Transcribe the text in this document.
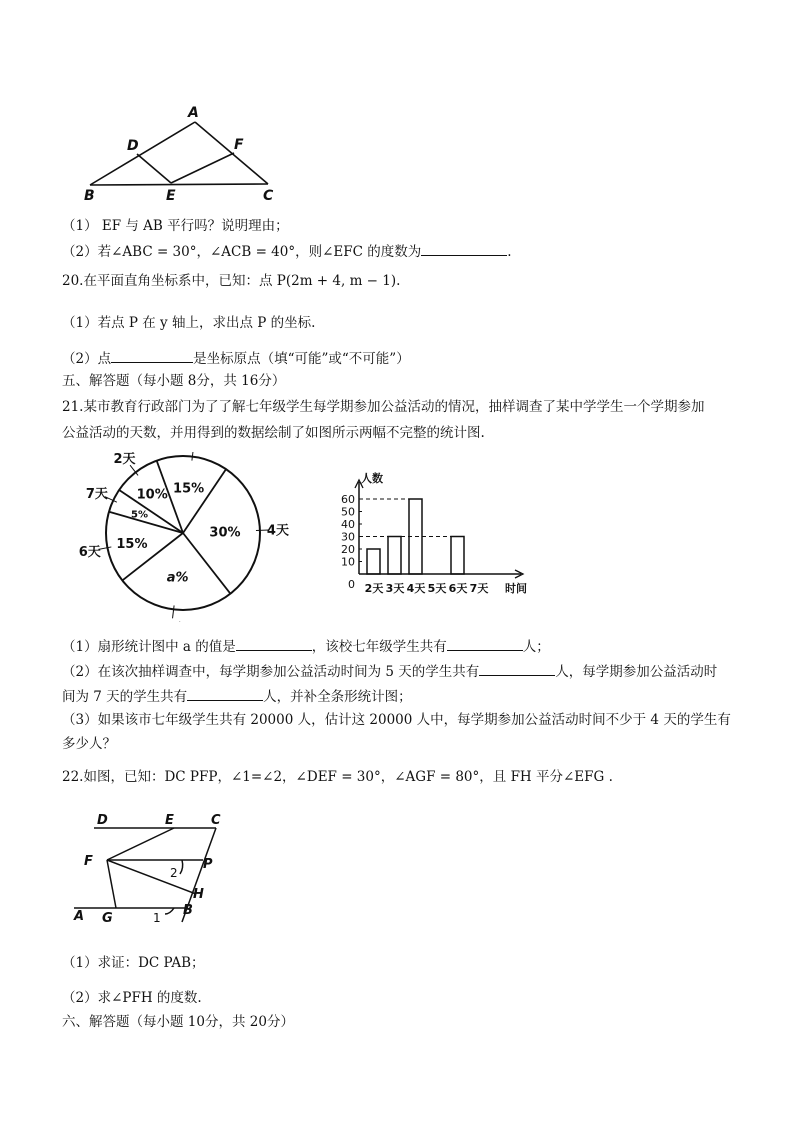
A
D	F
B	E	C
（1） EF 与 AB 平行吗？说明理由；
（2）若∠ABC = 30°，∠ACB = 40°，则∠EFC 的度数为	.
20.在平面直角坐标系中，已知：点 P(2m + 4, m − 1).
（1）若点 P 在 y 轴上，求出点 P 的坐标.
（2）点	是坐标原点（填“可能”或“不可能”）
五、解答题（每小题 8分，共 16分）
21.某市教育行政部门为了了解七年级学生每学期参加公益活动的情况，抽样调查了某中学学生一个学期参加
公益活动的天数，并用得到的数据绘制了如图所示两幅不完整的统计图.
15%
30%
a%
15%
5%
10%
4天
6天
7天
2天
0
10
20
30
40
50
60
人数
时间
2天 3天 4天 5天 6天 7天
（1）扇形统计图中 a 的值是	，该校七年级学生共有	人；
（2）在该次抽样调查中，每学期参加公益活动时间为 5 天的学生共有	人，每学期参加公益活动时
间为 7 天的学生共有	人，并补全条形统计图；
（3）如果该市七年级学生共有 20000 人，估计这 20000 人中，每学期参加公益活动时间不少于 4 天的学生有
多少人？
22.如图，已知：DC PFP，∠1=∠2，∠DEF = 30°，∠AGF = 80°，且 FH 平分∠EFG .
D	E	C
F	P
H
B
A G
2
1
（1）求证：DC PAB；
（2）求∠PFH 的度数.
六、解答题（每小题 10分，共 20分）
